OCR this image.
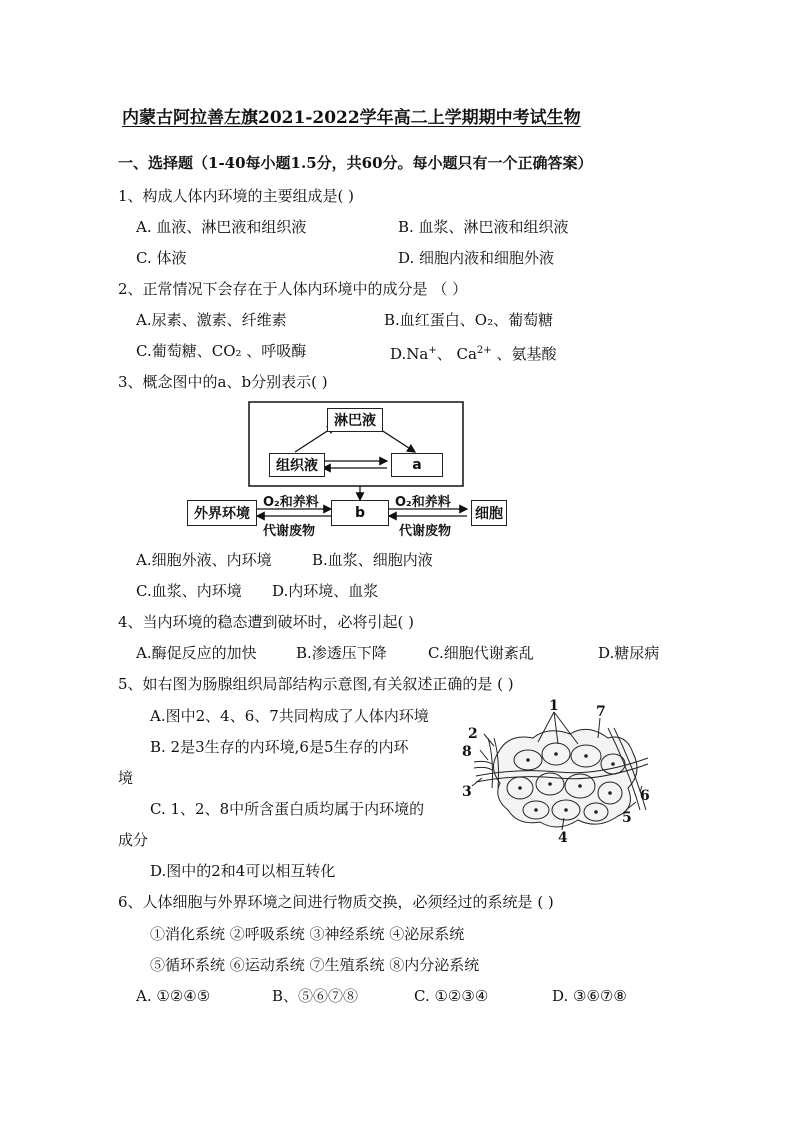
内蒙古阿拉善左旗2021-2022学年高二上学期期中考试生物
一、选择题（1-40每小题1.5分，共60分。每小题只有一个正确答案）
1、构成人体内环境的主要组成是( )
A. 血液、淋巴液和组织液	B. 血浆、淋巴液和组织液
C. 体液	D. 细胞内液和细胞外液
2、正常情况下会存在于人体内环境中的成分是 （ ）
A.尿素、激素、纤维素	B.血红蛋白、O₂、葡萄糖
C.葡萄糖、CO₂ 、呼吸酶	D.Na+、 $Ca^{2+}$ 、氨基酸
3、概念图中的a、b分别表示( )
淋巴液
组织液	a
b
外界环境	细胞
O₂和养料
代谢废物
O₂和养料
代谢废物
A.细胞外液、内环境	B.血浆、细胞内液
C.血浆、内环境 D.内环境、血浆
4、当内环境的稳态遭到破坏时，必将引起( )
A.酶促反应的加快	B.渗透压下降	C.细胞代谢紊乱	D.糖尿病
5、如右图为肠腺组织局部结构示意图,有关叙述正确的是 ( )
A.图中2、4、6、7共同构成了人体内环境
B. 2是3生存的内环境,6是5生存的内环
境
C. 1、2、8中所含蛋白质均属于内环境的
成分
D.图中的2和4可以相互转化
1
2
3
4
5
6
7
8
6、人体细胞与外界环境之间进行物质交换，必须经过的系统是 ( )
①消化系统 ②呼吸系统 ③神经系统 ④泌尿系统
⑤循环系统 ⑥运动系统 ⑦生殖系统 ⑧内分泌系统
A. ①②④⑤	B、⑤⑥⑦⑧	C. ①②③④	D. ③⑥⑦⑧
